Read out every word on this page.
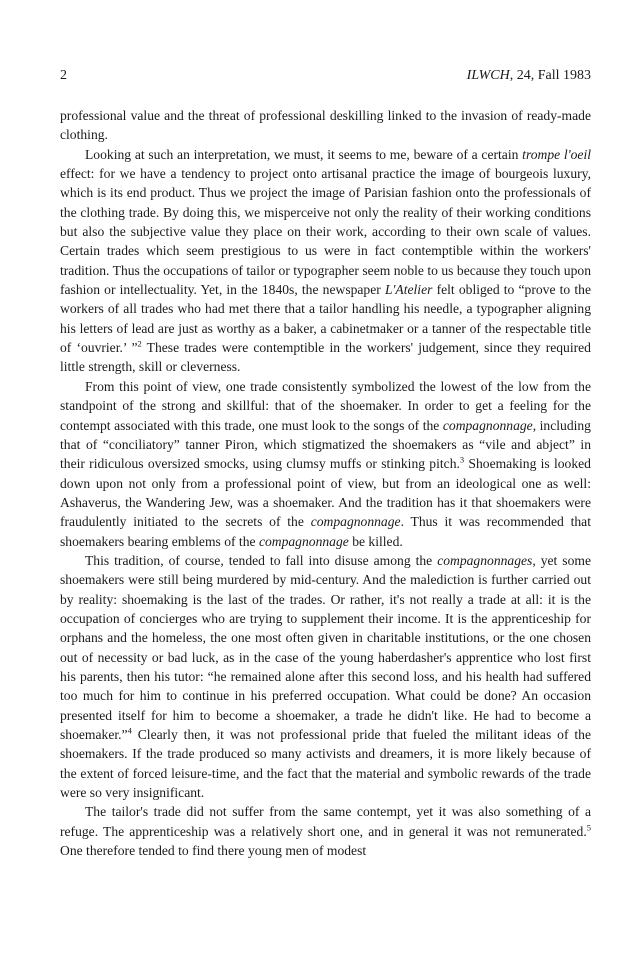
2	ILWCH, 24, Fall 1983

professional value and the threat of professional deskilling linked to the invasion of ready-made clothing.

Looking at such an interpretation, we must, it seems to me, beware of a certain trompe l'oeil effect: for we have a tendency to project onto artisanal practice the image of bourgeois luxury, which is its end product. Thus we project the image of Parisian fashion onto the professionals of the clothing trade. By doing this, we misperceive not only the reality of their working conditions but also the subjective value they place on their work, according to their own scale of values. Certain trades which seem prestigious to us were in fact contemptible within the workers' tradition. Thus the occupations of tailor or typographer seem noble to us because they touch upon fashion or intellectuality. Yet, in the 1840s, the newspaper L'Atelier felt obliged to “prove to the workers of all trades who had met there that a tailor handling his needle, a typographer aligning his letters of lead are just as worthy as a baker, a cabinetmaker or a tanner of the respectable title of ‘ouvrier.’ ”$^2$ These trades were contemptible in the workers' judgement, since they required little strength, skill or cleverness.

From this point of view, one trade consistently symbolized the lowest of the low from the standpoint of the strong and skillful: that of the shoemaker. In order to get a feeling for the contempt associated with this trade, one must look to the songs of the compagnonnage, including that of “conciliatory” tanner Piron, which stigmatized the shoemakers as “vile and abject” in their ridiculous oversized smocks, using clumsy muffs or stinking pitch.$^3$ Shoemaking is looked down upon not only from a professional point of view, but from an ideological one as well: Ashaverus, the Wandering Jew, was a shoemaker. And the tradition has it that shoemakers were fraudulently initiated to the secrets of the compagnonnage. Thus it was recommended that shoemakers bearing emblems of the compagnonnage be killed.

This tradition, of course, tended to fall into disuse among the compagnonnages, yet some shoemakers were still being murdered by mid-century. And the malediction is further carried out by reality: shoemaking is the last of the trades. Or rather, it's not really a trade at all: it is the occupation of concierges who are trying to supplement their income. It is the apprenticeship for orphans and the homeless, the one most often given in charitable institutions, or the one chosen out of necessity or bad luck, as in the case of the young haberdasher's apprentice who lost first his parents, then his tutor: “he remained alone after this second loss, and his health had suffered too much for him to continue in his preferred occupation. What could be done? An occasion presented itself for him to become a shoemaker, a trade he didn't like. He had to become a shoemaker.”$^4$ Clearly then, it was not professional pride that fueled the militant ideas of the shoemakers. If the trade produced so many activists and dreamers, it is more likely because of the extent of forced leisure-time, and the fact that the material and symbolic rewards of the trade were so very insignificant.

The tailor's trade did not suffer from the same contempt, yet it was also something of a refuge. The apprenticeship was a relatively short one, and in general it was not remunerated.$^5$ One therefore tended to find there young men of modest
